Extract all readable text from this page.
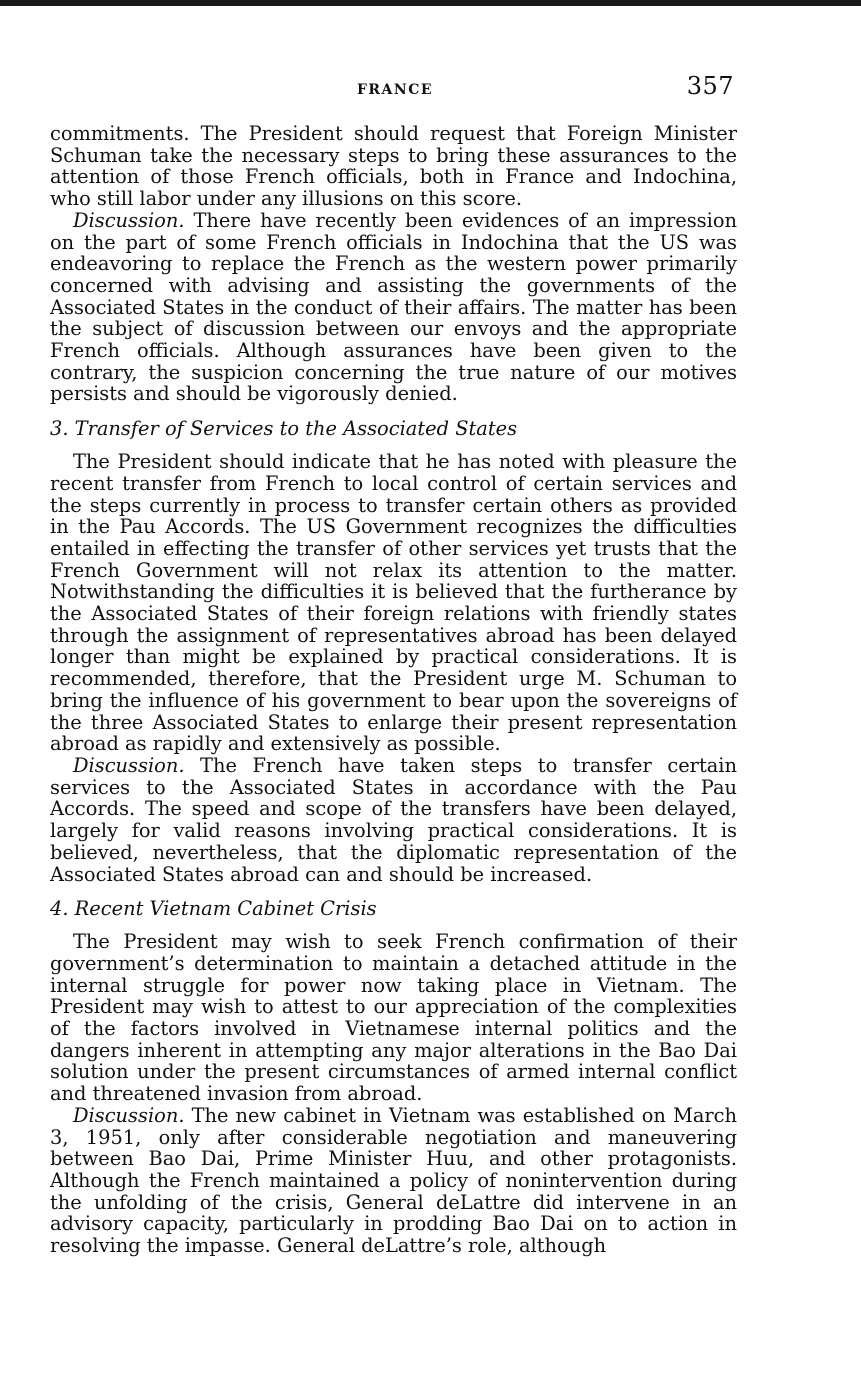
FRANCE	357

commitments. The President should request that Foreign Minister Schuman take the necessary steps to bring these assurances to the attention of those French officials, both in France and Indochina, who still labor under any illusions on this score.

Discussion. There have recently been evidences of an impression on the part of some French officials in Indochina that the US was endeavoring to replace the French as the western power primarily concerned with advising and assisting the governments of the Associated States in the conduct of their affairs. The matter has been the subject of discussion between our envoys and the appropriate French officials. Although assurances have been given to the contrary, the suspicion concerning the true nature of our motives persists and should be vigorously denied.

3. Transfer of Services to the Associated States

The President should indicate that he has noted with pleasure the recent transfer from French to local control of certain services and the steps currently in process to transfer certain others as provided in the Pau Accords. The US Government recognizes the difficulties entailed in effecting the transfer of other services yet trusts that the French Government will not relax its attention to the matter. Notwithstanding the difficulties it is believed that the furtherance by the Associated States of their foreign relations with friendly states through the assignment of representatives abroad has been delayed longer than might be explained by practical considerations. It is recommended, therefore, that the President urge M. Schuman to bring the influence of his government to bear upon the sovereigns of the three Associated States to enlarge their present representation abroad as rapidly and extensively as possible.

Discussion. The French have taken steps to transfer certain services to the Associated States in accordance with the Pau Accords. The speed and scope of the transfers have been delayed, largely for valid reasons involving practical considerations. It is believed, nevertheless, that the diplomatic representation of the Associated States abroad can and should be increased.

4. Recent Vietnam Cabinet Crisis

The President may wish to seek French confirmation of their government’s determination to maintain a detached attitude in the internal struggle for power now taking place in Vietnam. The President may wish to attest to our appreciation of the complexities of the factors involved in Vietnamese internal politics and the dangers inherent in attempting any major alterations in the Bao Dai solution under the present circumstances of armed internal conflict and threatened invasion from abroad.

Discussion. The new cabinet in Vietnam was established on March 3, 1951, only after considerable negotiation and maneuvering between Bao Dai, Prime Minister Huu, and other protagonists. Although the French maintained a policy of nonintervention during the unfolding of the crisis, General deLattre did intervene in an advisory capacity, particularly in prodding Bao Dai on to action in resolving the impasse. General deLattre’s role, although
